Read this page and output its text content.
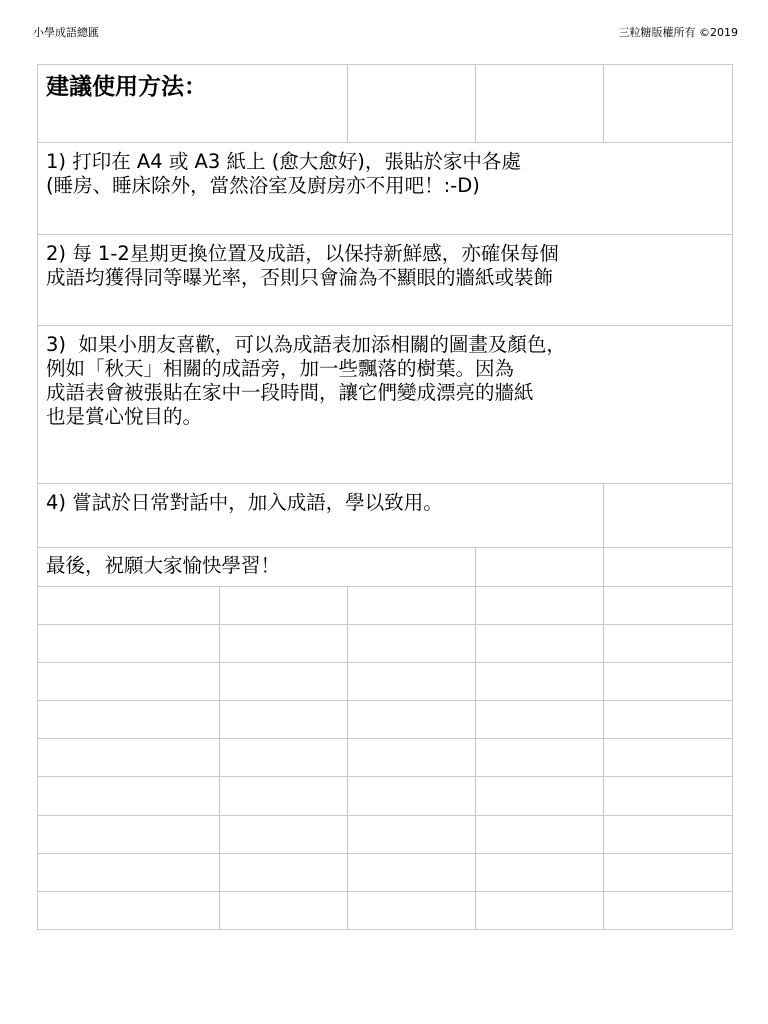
小學成語總匯	三粒糖版權所有 ©2019
建議使用方法：				

1) 打印在 A4 或 A3 紙上 (愈大愈好)，張貼於家中各處
(睡房、睡床除外，當然浴室及廚房亦不用吧！:-D)				

2) 每 1-2星期更換位置及成語，以保持新鮮感，亦確保每個
成語均獲得同等曝光率，否則只會淪為不顯眼的牆紙或裝飾				

3)  如果小朋友喜歡，可以為成語表加添相關的圖畫及顏色，
例如「秋天」相關的成語旁，加一些飄落的樹葉。因為
成語表會被張貼在家中一段時間，讓它們變成漂亮的牆紙
也是賞心悅目的。				

4) 嘗試於日常對話中，加入成語，學以致用。				

最後，祝願大家愉快學習！				
